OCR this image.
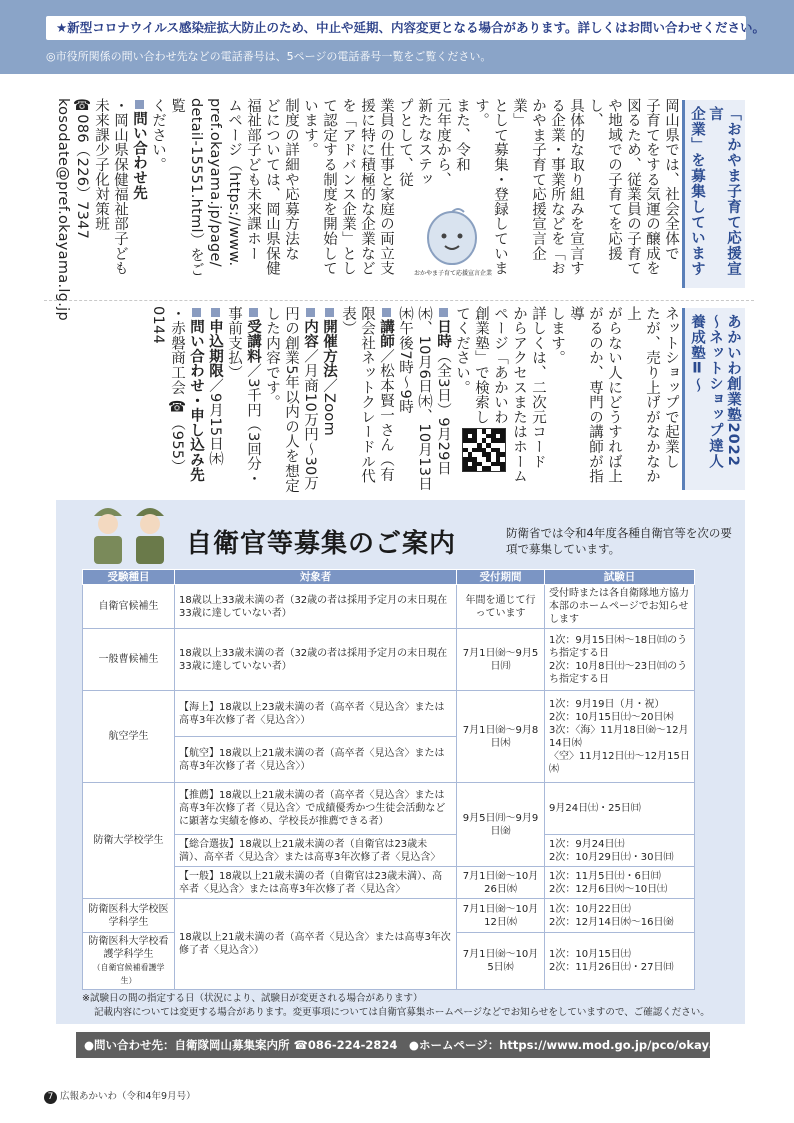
★新型コロナウイルス感染症拡大防止のため、中止や延期、内容変更となる場合があります。詳しくはお問い合わせください。
◎市役所関係の問い合わせ先などの電話番号は、5ページの電話番号一覧をご覧ください。
「おかやま子育て応援宣言
企業」を募集しています
岡山県では、社会全体で
子育てをする気運の醸成を
図るため、従業員の子育て
や地域での子育てを応援し、
具体的な取り組みを宣言す
る企業・事業所などを「お
かやま子育て応援宣言企業」
として募集・登録しています。
また、令和
元年度から、
新たなステッ
プとして、従
業員の仕事と家庭の両立支
援に特に積極的な企業など
を「アドバンス企業」とし
て認定する制度を開始して
います。
制度の詳細や応募方法な
どについては、岡山県保健
福祉部子ども未来課ホー
ムページ（https://www.
pref.okayama.jp/page/
detail-15551.html）をご覧
ください。
問い合わせ先
・岡山県保健福祉部子ども
未来課少子化対策班
☎086（226）7347
kosodate@pref.okayama.lg.jp	おかやま子育て応援宣言企業
あかいわ創業塾2022
～ネットショップ達人養成塾Ⅱ～
ネットショップで起業し
たが、売り上げがなかなか上
がらない人にどうすれば上
がるのか、専門の講師が指導
します。
詳しくは、二次元コード
からアクセスまたはホーム
ページ「あかいわ
創業塾」で検索し
てください。
日時（全3日）9月29日㈭、10月6日㈭、10月13日㈭午後7時～9時
講師／松本賢一さん（有限会社ネットクレードル代表）
開催方法／Zoom
内容／月商10万円～30万円の創業5年以内の人を想定した内容です。
受講料／3千円（3回分・事前支払）
申込期限／9月15日㈭
問い合わせ・申し込み先
・赤磐商工会 ☎（955）0144
自衛官等募集のご案内	防衛省では令和4年度各種自衛官等を次の要項で募集しています。
受験種目	対象者	受付期間	試験日
自衛官候補生	18歳以上33歳未満の者（32歳の者は採用予定月の末日現在33歳に達していない者）	年間を通じて行っています	受付時または各自衛隊地方協力本部のホームページでお知らせします
一般曹候補生	18歳以上33歳未満の者（32歳の者は採用予定月の末日現在33歳に達していない者）	7月1日㈮～9月5日㈪	1次：9月15日㈭～18日㈰のうち指定する日
2次：10月8日㈯～23日㈰のうち指定する日
航空学生	【海上】18歳以上23歳未満の者（高卒者〈見込含〉または高専3年次修了者〈見込含〉）	7月1日㈮～9月8日㈭	1次：9月19日（月・祝）
2次：10月15日㈯～20日㈭
3次：〈海〉11月18日㈮～12月14日㈬
〈空〉11月12日㈯～12月15日㈭
	【航空】18歳以上21歳未満の者（高卒者〈見込含〉または高専3年次修了者〈見込含〉）		
防衛大学校学生	【推薦】18歳以上21歳未満の者（高卒者〈見込含〉または高専3年次修了者〈見込含〉で成績優秀かつ生徒会活動などに顕著な実績を修め、学校長が推薦できる者）	9月5日㈪～9月9日㈮	9月24日㈯・25日㈰
	【総合選抜】18歳以上21歳未満の者（自衛官は23歳未満）、高卒者〈見込含〉または高専3年次修了者〈見込含〉		1次：9月24日㈯
2次：10月29日㈯・30日㈰
	【一般】18歳以上21歳未満の者（自衛官は23歳未満）、高卒者〈見込含〉または高専3年次修了者〈見込含〉	7月1日㈮～10月26日㈬	1次：11月5日㈯・6日㈰
2次：12月6日㈫～10日㈯
防衛医科大学校医学科学生	18歳以上21歳未満の者（高卒者〈見込含〉または高専3年次修了者〈見込含〉）	7月1日㈮～10月12日㈬	1次：10月22日㈯
2次：12月14日㈬～16日㈮
防衛医科大学校看護学科学生
（自衛官候補看護学生）		7月1日㈮～10月5日㈬	1次：10月15日㈯
2次：11月26日㈯・27日㈰
※試験日の間の指定する日（状況により、試験日が変更される場合があります）
記載内容については変更する場合があります。変更事項については自衛官募集ホームページなどでお知らせをしていますので、ご確認ください。
●問い合わせ先：自衛隊岡山募集案内所 ☎086-224-2824　●ホームページ：https://www.mod.go.jp/pco/okayama/
7 広報あかいわ（令和4年9月号）
